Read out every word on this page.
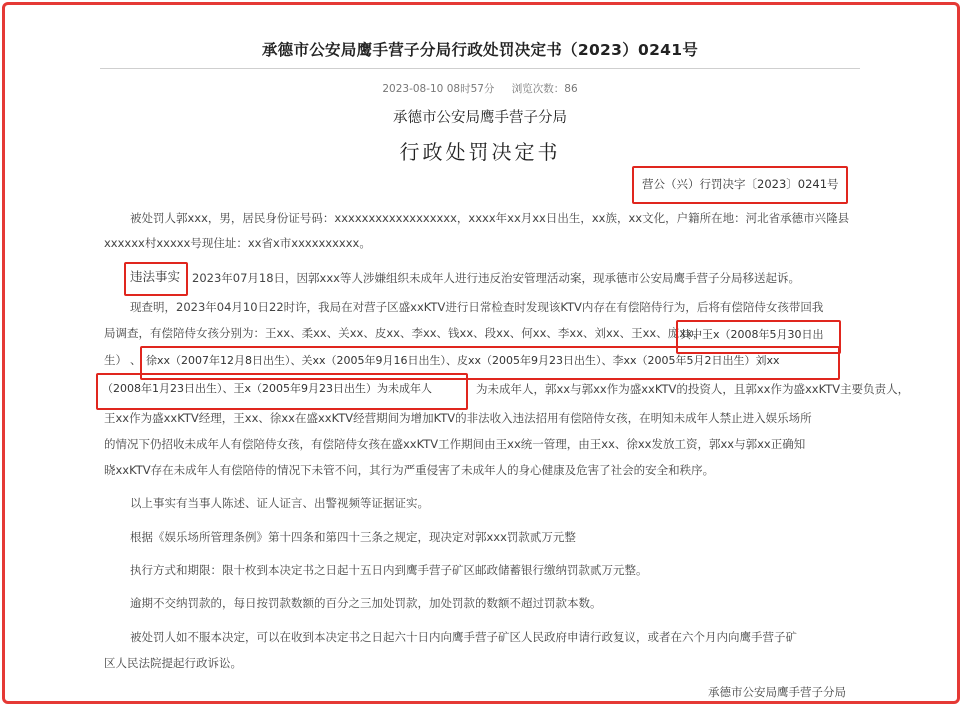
承德市公安局鹰手营子分局行政处罚决定书（2023）0241号
2023-08-10 08时57分 浏览次数：86
承德市公安局鹰手营子分局
行政处罚决定书
营公（兴）行罚决字〔2023〕0241号
被处罚人郭xxx，男，居民身份证号码：xxxxxxxxxxxxxxxxxx，xxxx年xx月xx日出生，xx族，xx文化，户籍所在地：河北省承德市兴隆县
xxxxxx村xxxxx号现住址：xx省x市xxxxxxxxxx。
违法事实 2023年07月18日，因郭xxx等人涉嫌组织未成年人进行违反治安管理活动案，现承德市公安局鹰手营子分局移送起诉。
现查明，2023年04月10日22时许，我局在对营子区盛xxKTV进行日常检查时发现该KTV内存在有偿陪侍行为，后将有偿陪侍女孩带回我
局调查，有偿陪侍女孩分别为：王xx、柔xx、关xx、皮xx、李xx、钱xx、段xx、何xx、李xx、刘xx、王xx、庞xx，
其中王x（2008年5月30日出
生） 、 徐xx（2007年12月8日出生）、关xx（2005年9月16日出生）、皮xx（2005年9月23日出生）、李xx（2005年5月2日出生）刘xx
（2008年1月23日出生）、王x（2005年9月23日出生）为未成年人	为未成年人，郭xx与郭xx作为盛xxKTV的投资人，且郭xx作为盛xxKTV主要负责人，
王xx作为盛xxKTV经理，王xx、徐xx在盛xxKTV经营期间为增加KTV的非法收入违法招用有偿陪侍女孩，在明知未成年人禁止进入娱乐场所
的情况下仍招收未成年人有偿陪侍女孩，有偿陪侍女孩在盛xxKTV工作期间由王xx统一管理，由王xx、徐xx发放工资，郭xx与郭xx正确知
晓xxKTV存在未成年人有偿陪侍的情况下未管不问，其行为严重侵害了未成年人的身心健康及危害了社会的安全和秩序。
以上事实有当事人陈述、证人证言、出警视频等证据证实。
根据《娱乐场所管理条例》第十四条和第四十三条之规定，现决定对郭xxx罚款贰万元整
执行方式和期限：限十枚到本决定书之日起十五日内到鹰手营子矿区邮政储蓄银行缴纳罚款贰万元整。
逾期不交纳罚款的，每日按罚款数额的百分之三加处罚款，加处罚款的数额不超过罚款本数。
被处罚人如不服本决定，可以在收到本决定书之日起六十日内向鹰手营子矿区人民政府申请行政复议，或者在六个月内向鹰手营子矿
区人民法院提起行政诉讼。
承德市公安局鹰手营子分局
